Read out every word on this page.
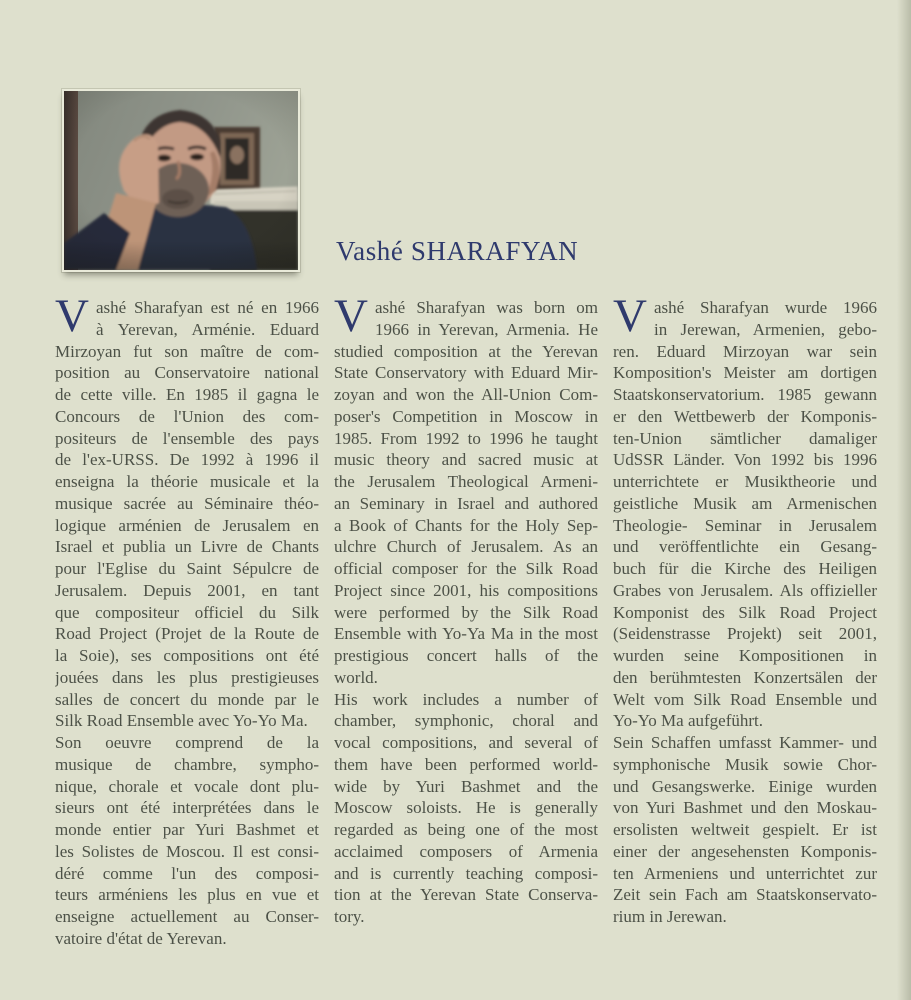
Vashé SHARAFYAN
V ashé Sharafyan est né en 1966
à Yerevan, Arménie. Eduard
Mirzoyan fut son maître de com-
position au Conservatoire national
de cette ville. En 1985 il gagna le
Concours de l'Union des com-
positeurs de l'ensemble des pays
de l'ex-URSS. De 1992 à 1996 il
enseigna la théorie musicale et la
musique sacrée au Séminaire théo-
logique arménien de Jerusalem en
Israel et publia un Livre de Chants
pour l'Eglise du Saint Sépulcre de
Jerusalem. Depuis 2001, en tant
que compositeur officiel du Silk
Road Project (Projet de la Route de
la Soie), ses compositions ont été
jouées dans les plus prestigieuses
salles de concert du monde par le
Silk Road Ensemble avec Yo-Yo Ma.
Son oeuvre comprend de la
musique de chambre, sympho-
nique, chorale et vocale dont plu-
sieurs ont été interprétées dans le
monde entier par Yuri Bashmet et
les Solistes de Moscou. Il est consi-
déré comme l'un des composi-
teurs arméniens les plus en vue et
enseigne actuellement au Conser-
vatoire d'état de Yerevan.
V ashé Sharafyan was born om
1966 in Yerevan, Armenia. He
studied composition at the Yerevan
State Conservatory with Eduard Mir-
zoyan and won the All-Union Com-
poser's Competition in Moscow in
1985. From 1992 to 1996 he taught
music theory and sacred music at
the Jerusalem Theological Armeni-
an Seminary in Israel and authored
a Book of Chants for the Holy Sep-
ulchre Church of Jerusalem. As an
official composer for the Silk Road
Project since 2001, his compositions
were performed by the Silk Road
Ensemble with Yo-Ya Ma in the most
prestigious concert halls of the
world.
His work includes a number of
chamber, symphonic, choral and
vocal compositions, and several of
them have been performed world-
wide by Yuri Bashmet and the
Moscow soloists. He is generally
regarded as being one of the most
acclaimed composers of Armenia
and is currently teaching composi-
tion at the Yerevan State Conserva-
tory.
V ashé Sharafyan wurde 1966
in Jerewan, Armenien, gebo-
ren. Eduard Mirzoyan war sein
Komposition's Meister am dortigen
Staatskonservatorium. 1985 gewann
er den Wettbewerb der Komponis-
ten-Union sämtlicher damaliger
UdSSR Länder. Von 1992 bis 1996
unterrichtete er Musiktheorie und
geistliche Musik am Armenischen
Theologie- Seminar in Jerusalem
und veröffentlichte ein Gesang-
buch für die Kirche des Heiligen
Grabes von Jerusalem. Als offizieller
Komponist des Silk Road Project
(Seidenstrasse Projekt) seit 2001,
wurden seine Kompositionen in
den berühmtesten Konzertsälen der
Welt vom Silk Road Ensemble und
Yo-Yo Ma aufgeführt.
Sein Schaffen umfasst Kammer- und
symphonische Musik sowie Chor-
und Gesangswerke. Einige wurden
von Yuri Bashmet und den Moskau-
ersolisten weltweit gespielt. Er ist
einer der angesehensten Komponis-
ten Armeniens und unterrichtet zur
Zeit sein Fach am Staatskonservato-
rium in Jerewan.
